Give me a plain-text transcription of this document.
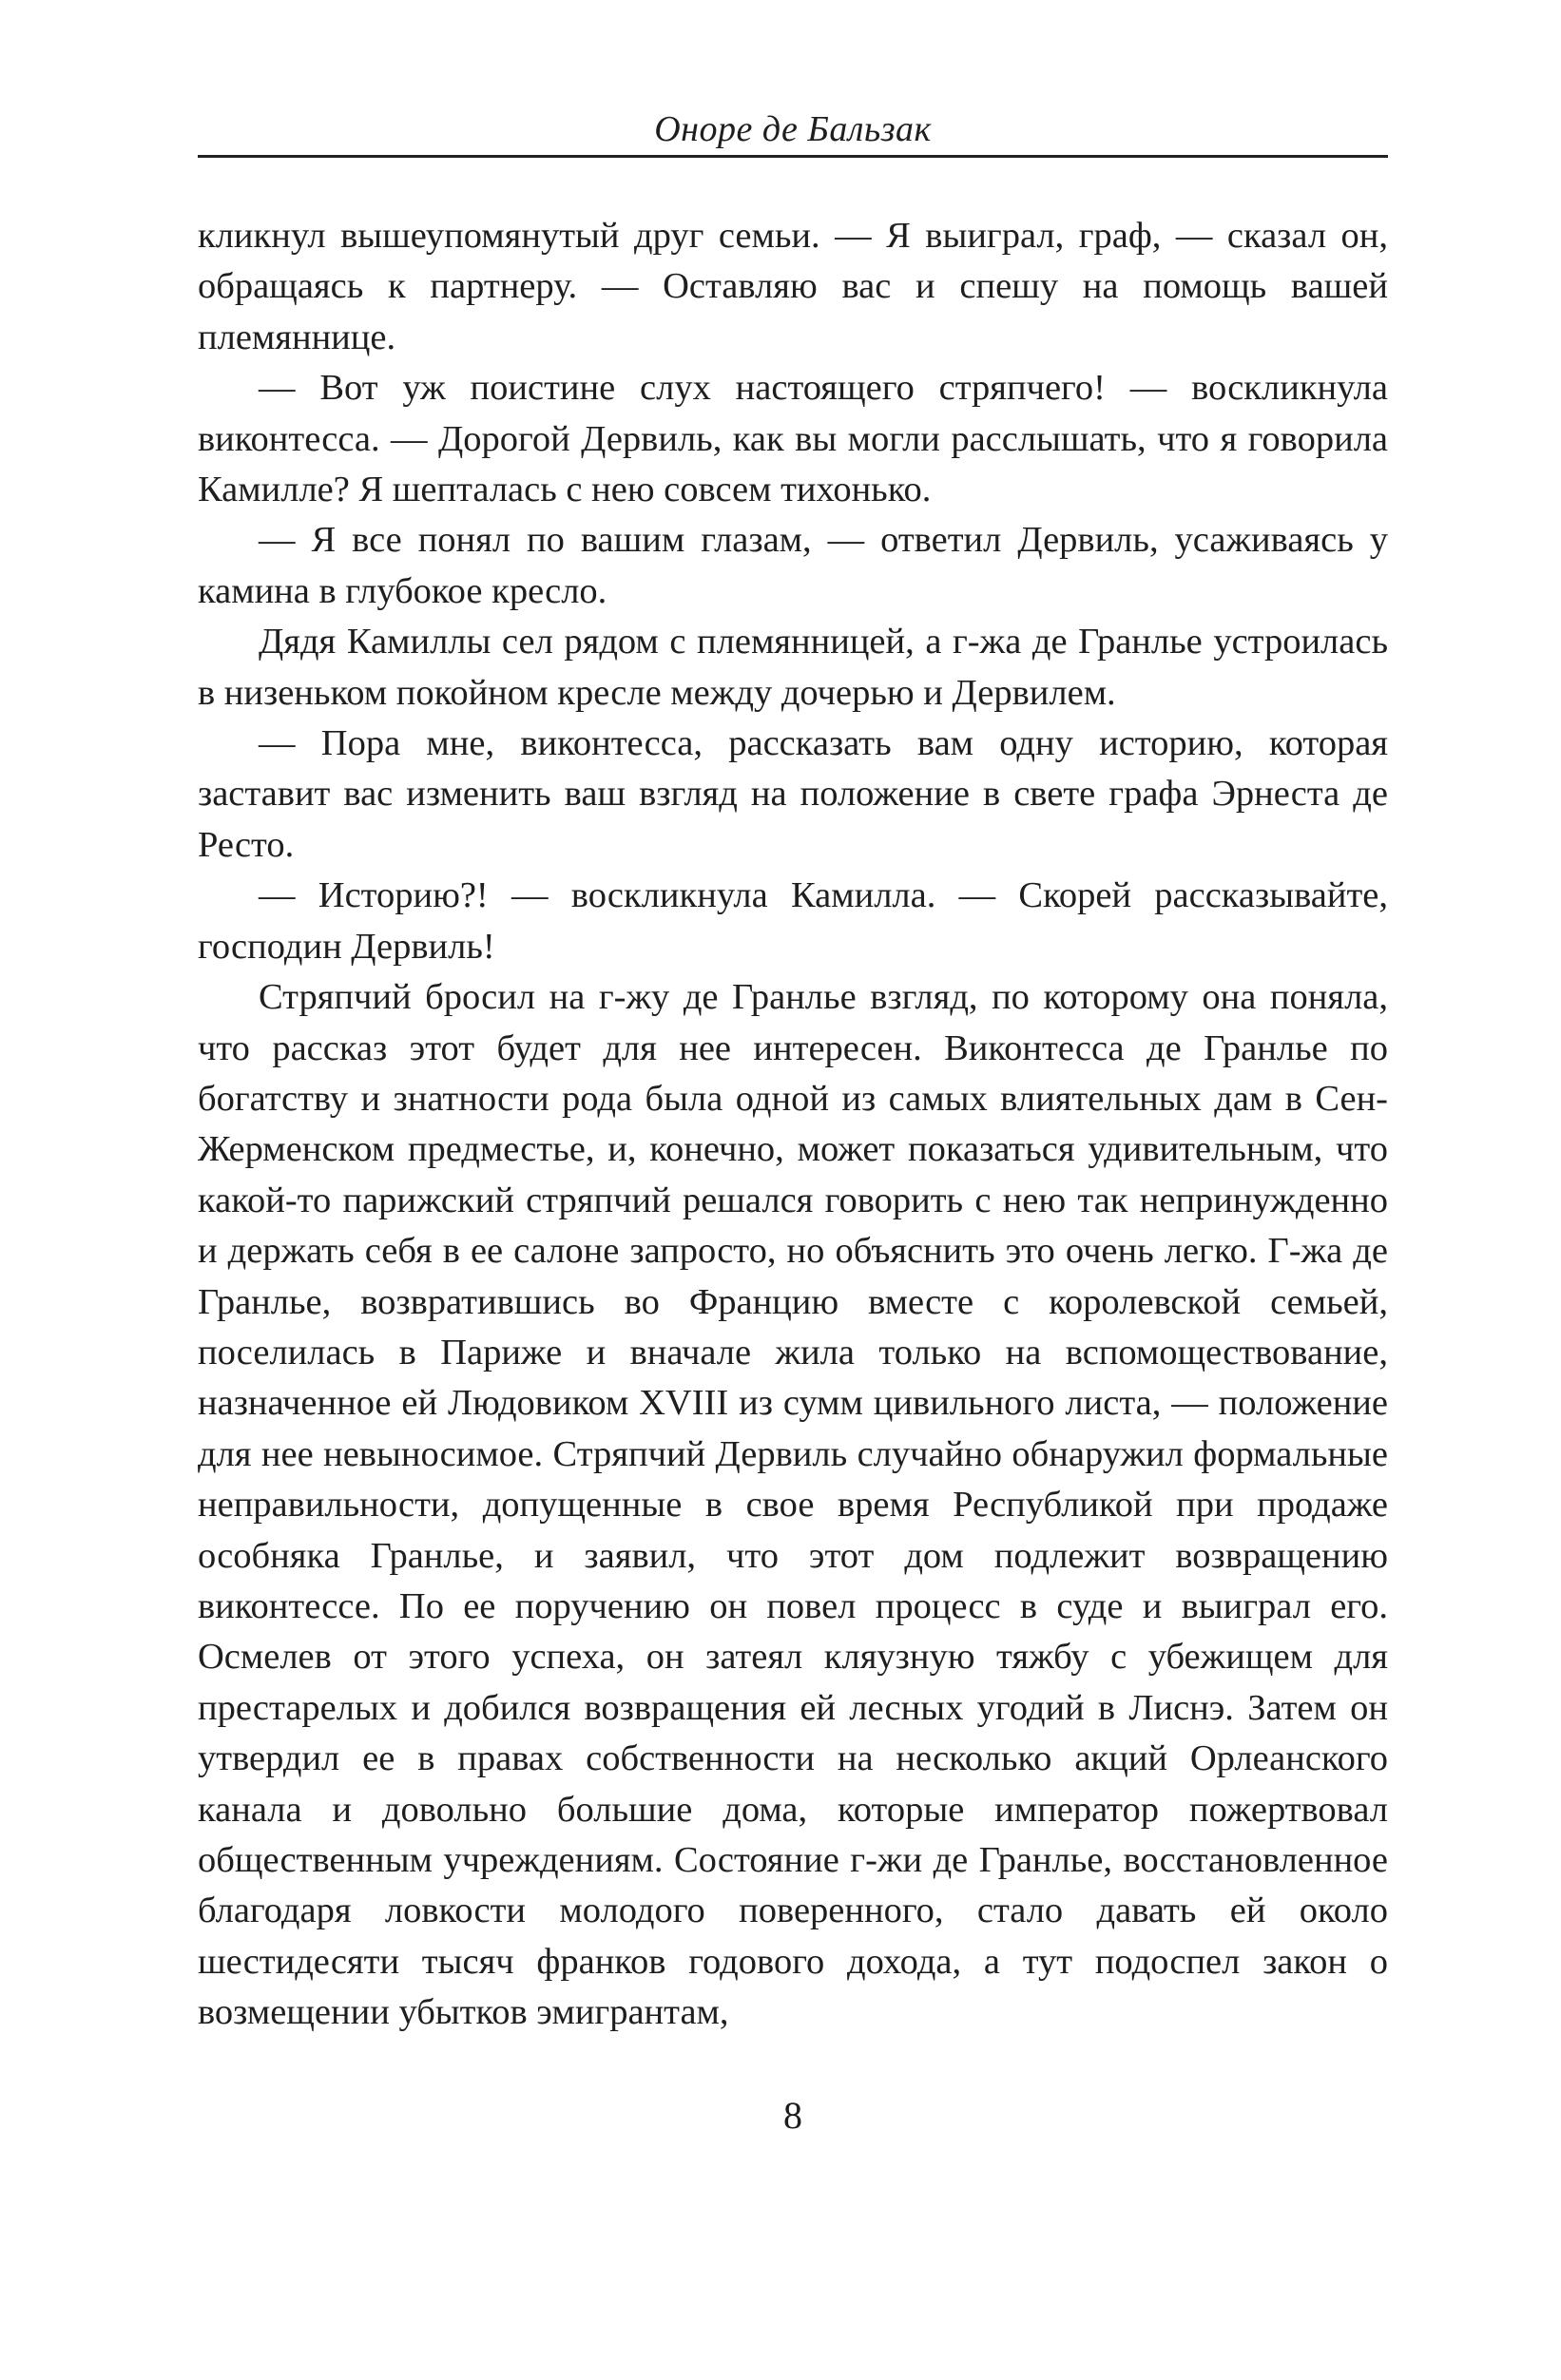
Оноре де Бальзак

кликнул вышеупомянутый друг семьи. — Я выиграл, граф, — сказал он, обращаясь к партнеру. — Оставляю вас и спешу на помощь вашей племяннице.

— Вот уж поистине слух настоящего стряпчего! — воскликнула виконтесса. — Дорогой Дервиль, как вы могли расслышать, что я говорила Камилле? Я шепталась с нею совсем тихонько.

— Я все понял по вашим глазам, — ответил Дервиль, усаживаясь у камина в глубокое кресло.

Дядя Камиллы сел рядом с племянницей, а г-жа де Гранлье устроилась в низеньком покойном кресле между дочерью и Дервилем.

— Пора мне, виконтесса, рассказать вам одну историю, которая заставит вас изменить ваш взгляд на положение в свете графа Эрнеста де Ресто.

— Историю?! — воскликнула Камилла. — Скорей рассказывайте, господин Дервиль!

Стряпчий бросил на г-жу де Гранлье взгляд, по которому она поняла, что рассказ этот будет для нее интересен. Виконтесса де Гранлье по богатству и знатности рода была одной из самых влиятельных дам в Сен-Жерменском предместье, и, конечно, может показаться удивительным, что какой-то парижский стряпчий решался говорить с нею так непринужденно и держать себя в ее салоне запросто, но объяснить это очень легко. Г-жа де Гранлье, возвратившись во Францию вместе с королевской семьей, поселилась в Париже и вначале жила только на вспомоществование, назначенное ей Людовиком XVIII из сумм цивильного листа, — положение для нее невыносимое. Стряпчий Дервиль случайно обнаружил формальные неправильности, допущенные в свое время Республикой при продаже особняка Гранлье, и заявил, что этот дом подлежит возвращению виконтессе. По ее поручению он повел процесс в суде и выиграл его. Осмелев от этого успеха, он затеял кляузную тяжбу с убежищем для престарелых и добился возвращения ей лесных угодий в Лиснэ. Затем он утвердил ее в правах собственности на несколько акций Орлеанского канала и довольно большие дома, которые император пожертвовал общественным учреждениям. Состояние г-жи де Гранлье, восстановленное благодаря ловкости молодого поверенного, стало давать ей около шестидесяти тысяч франков годового дохода, а тут подоспел закон о возмещении убытков эмигрантам,

8
